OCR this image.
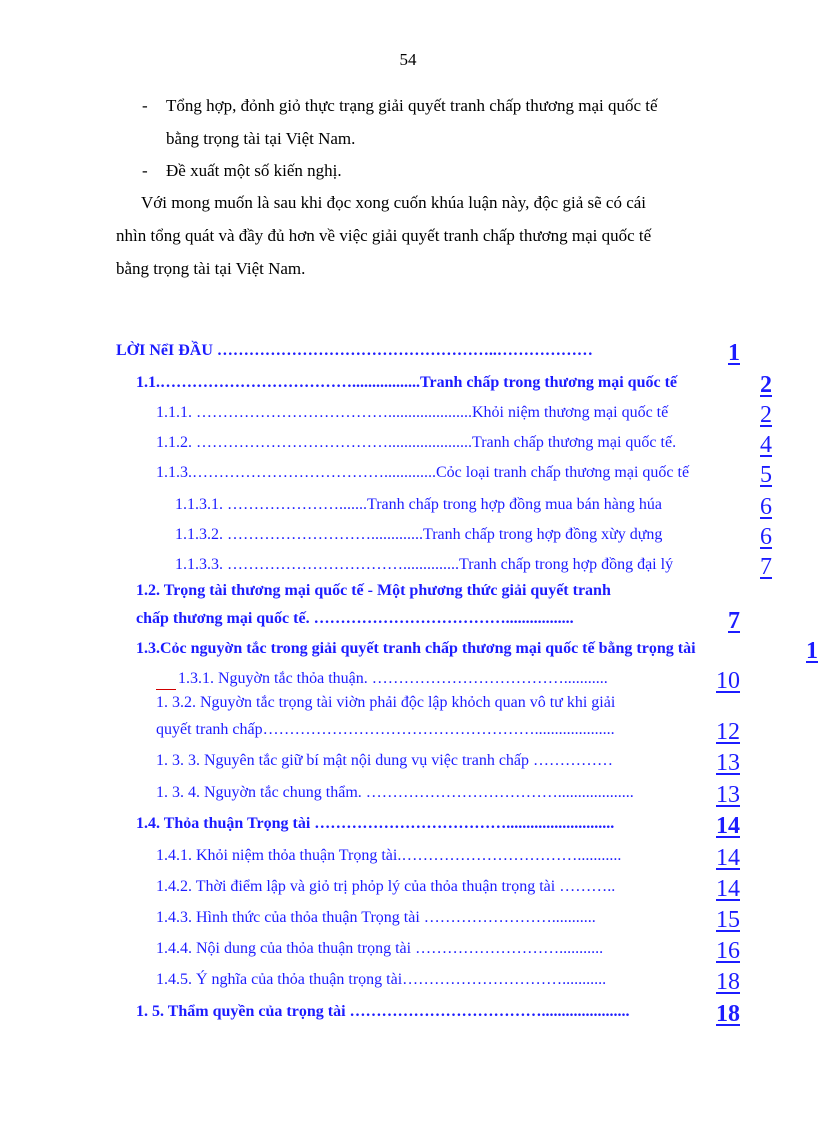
54
- Tổng hợp, đỏnh giỏ thực trạng giải quyết tranh chấp thương mại quốc tế
bằng trọng tài tại Việt Nam.
- Đề xuất một số kiến nghị.
Với mong muốn là sau khi đọc xong cuốn khúa luận này, độc giả sẽ có cái
nhìn tổng quát và đầy đủ hơn về việc giải quyết tranh chấp thương mại quốc tế
bằng trọng tài tại Việt Nam.
LỜI NểI ĐẦU ……………………………………………..………………	1
1.1.……………………………….................Tranh chấp trong thương mại quốc tế	2
1.1.1. ……………………………….....................Khỏi niệm thương mại quốc tế	2
1.1.2. ……………………………….....................Tranh chấp thương mại quốc tế.	4
1.1.3.……………………………….............Cỏc loại tranh chấp thương mại quốc tế	5
1.1.3.1. ………………….......Tranh chấp trong hợp đồng mua bán hàng húa	6
1.1.3.2. ……………………….............Tranh chấp trong hợp đồng xừy dựng	6
1.1.3.3. ……………………………..............Tranh chấp trong hợp đồng đại lý	7
1.2. Trọng tài thương mại quốc tế - Một phương thức giải quyết tranh
chấp thương mại quốc tế. ……………………………….................	7
1.3.Cỏc nguyờn tắc trong giải quyết tranh chấp thương mại quốc tế bằng trọng tài	1
1.3.1. Nguyờn tắc thỏa thuận. ………………………………...........	10
1. 3.2. Nguyờn tắc trọng tài viờn phải độc lập khỏch quan vô tư khi giải
quyết tranh chấp……………………………………………....................	12
1. 3. 3. Nguyên tắc giữ bí mật nội dung vụ việc tranh chấp ……………	13
1. 3. 4. Nguyờn tắc chung thẩm. ………………………………...................	13
1.4. Thỏa thuận Trọng tài ………………………………...........................	14
1.4.1. Khỏi niệm thỏa thuận Trọng tài.……………………………...........	14
1.4.2. Thời điểm lập và giỏ trị phỏp lý của thỏa thuận trọng tài ………..	14
1.4.3. Hình thức của thỏa thuận Trọng tài ……………………...........	15
1.4.4. Nội dung của thỏa thuận trọng tài ………………………...........	16
1.4.5. Ý nghĩa của thỏa thuận trọng tài…………………………...........	18
1. 5. Thẩm quyền của trọng tài ………………………………......................	18
